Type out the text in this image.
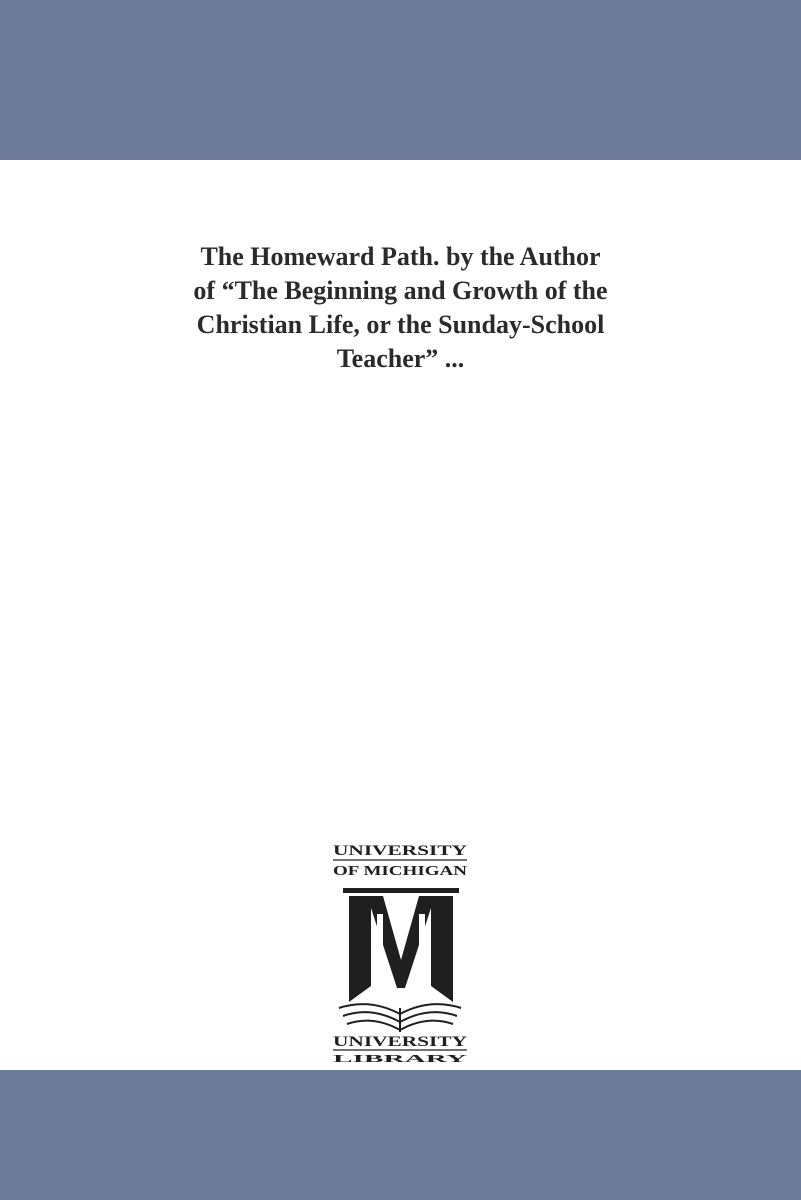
The Homeward Path. by the Author
of “The Beginning and Growth of the
Christian Life, or the Sunday-School
Teacher” ...
UNIVERSITY
OF MICHIGAN
UNIVERSITY
LIBRARY
